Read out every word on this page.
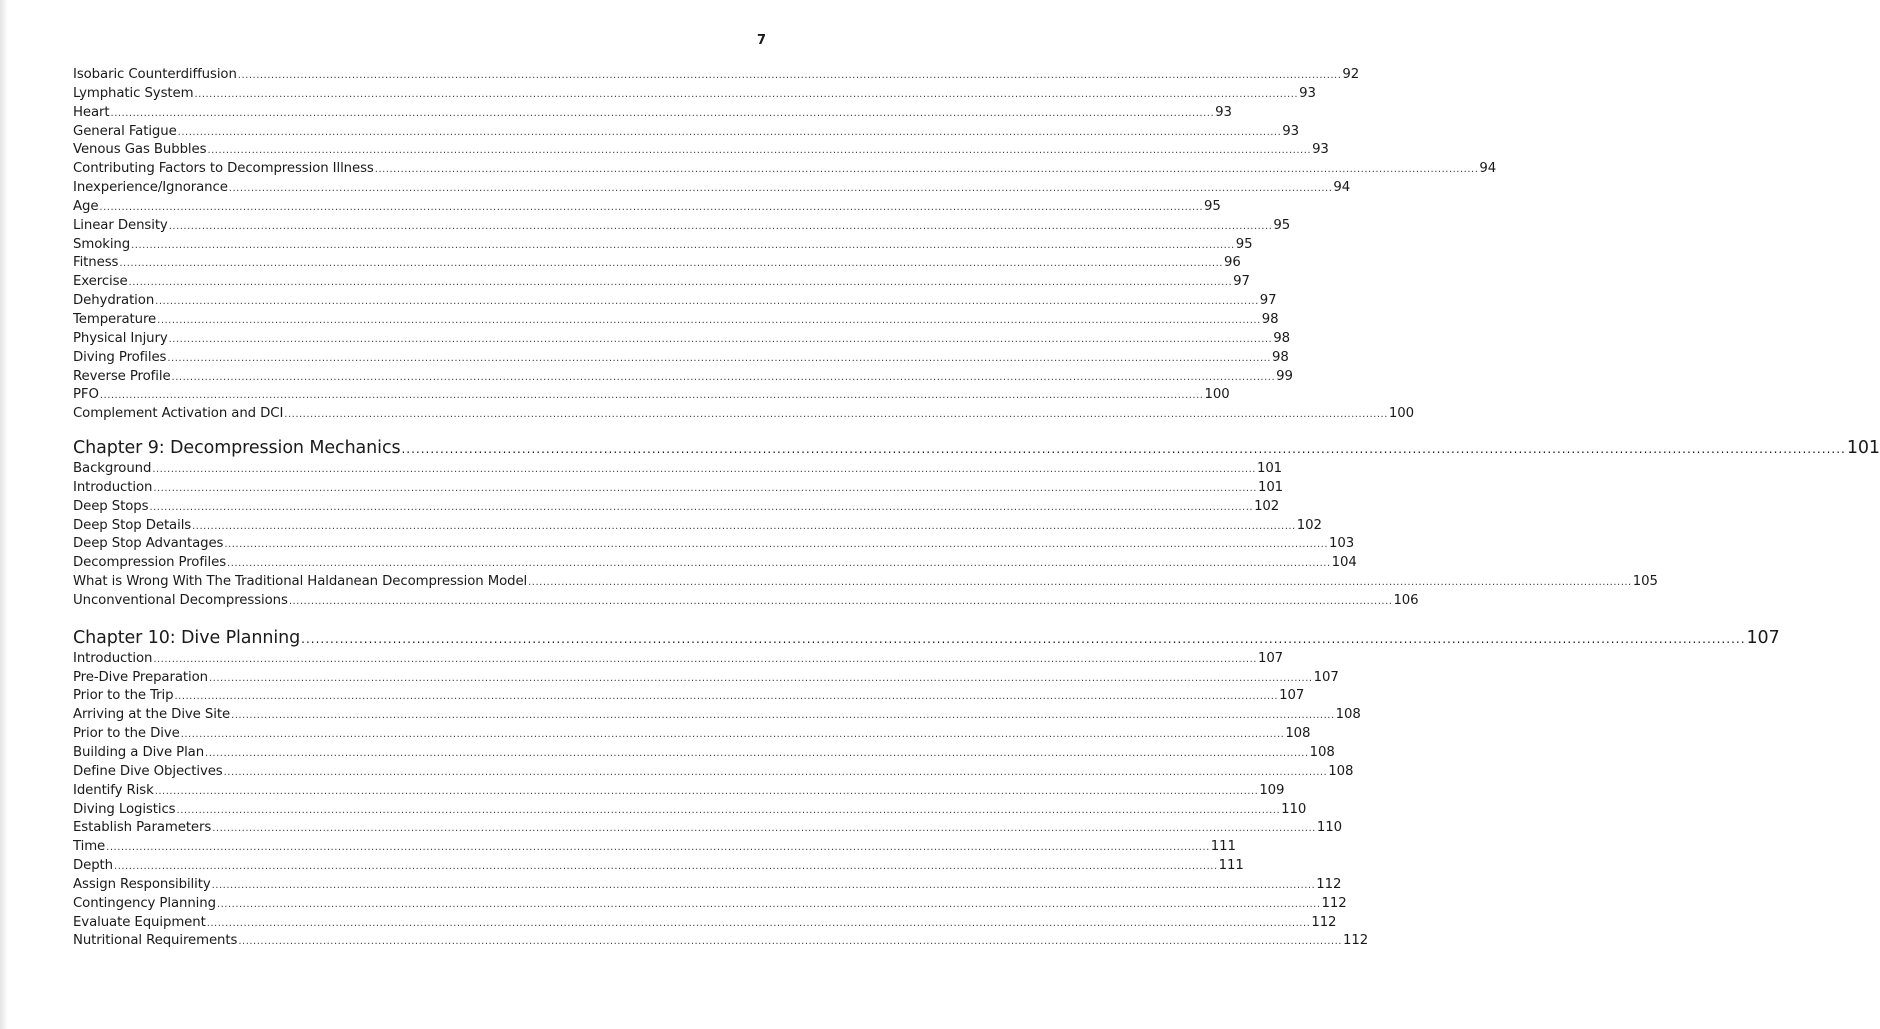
7
Isobaric Counterdiffusion ............................................................................................................................................................................................................................................................................................................ 92
Lymphatic System ............................................................................................................................................................................................................................................................................................................ 93
Heart ............................................................................................................................................................................................................................................................................................................ 93
General Fatigue ............................................................................................................................................................................................................................................................................................................ 93
Venous Gas Bubbles ............................................................................................................................................................................................................................................................................................................ 93
Contributing Factors to Decompression Illness ............................................................................................................................................................................................................................................................................................................ 94
Inexperience/Ignorance ............................................................................................................................................................................................................................................................................................................ 94
Age ............................................................................................................................................................................................................................................................................................................ 95
Linear Density ............................................................................................................................................................................................................................................................................................................ 95
Smoking ............................................................................................................................................................................................................................................................................................................ 95
Fitness ............................................................................................................................................................................................................................................................................................................ 96
Exercise ............................................................................................................................................................................................................................................................................................................ 97
Dehydration ............................................................................................................................................................................................................................................................................................................ 97
Temperature ............................................................................................................................................................................................................................................................................................................ 98
Physical Injury ............................................................................................................................................................................................................................................................................................................ 98
Diving Profiles ............................................................................................................................................................................................................................................................................................................ 98
Reverse Profile ............................................................................................................................................................................................................................................................................................................ 99
PFO ............................................................................................................................................................................................................................................................................................................ 100
Complement Activation and DCI ............................................................................................................................................................................................................................................................................................................ 100
Chapter 9: Decompression Mechanics ............................................................................................................................................................................................................................................................................................................ 101
Background ............................................................................................................................................................................................................................................................................................................ 101
Introduction ............................................................................................................................................................................................................................................................................................................ 101
Deep Stops ............................................................................................................................................................................................................................................................................................................ 102
Deep Stop Details ............................................................................................................................................................................................................................................................................................................ 102
Deep Stop Advantages ............................................................................................................................................................................................................................................................................................................ 103
Decompression Profiles ............................................................................................................................................................................................................................................................................................................ 104
What is Wrong With The Traditional Haldanean Decompression Model ............................................................................................................................................................................................................................................................................................................ 105
Unconventional Decompressions ............................................................................................................................................................................................................................................................................................................ 106
Chapter 10: Dive Planning ............................................................................................................................................................................................................................................................................................................ 107
Introduction ............................................................................................................................................................................................................................................................................................................ 107
Pre-Dive Preparation ............................................................................................................................................................................................................................................................................................................ 107
Prior to the Trip ............................................................................................................................................................................................................................................................................................................ 107
Arriving at the Dive Site ............................................................................................................................................................................................................................................................................................................ 108
Prior to the Dive ............................................................................................................................................................................................................................................................................................................ 108
Building a Dive Plan ............................................................................................................................................................................................................................................................................................................ 108
Define Dive Objectives ............................................................................................................................................................................................................................................................................................................ 108
Identify Risk ............................................................................................................................................................................................................................................................................................................ 109
Diving Logistics ............................................................................................................................................................................................................................................................................................................ 110
Establish Parameters ............................................................................................................................................................................................................................................................................................................ 110
Time ............................................................................................................................................................................................................................................................................................................ 111
Depth ............................................................................................................................................................................................................................................................................................................ 111
Assign Responsibility ............................................................................................................................................................................................................................................................................................................ 112
Contingency Planning ............................................................................................................................................................................................................................................................................................................ 112
Evaluate Equipment ............................................................................................................................................................................................................................................................................................................ 112
Nutritional Requirements ............................................................................................................................................................................................................................................................................................................ 112
